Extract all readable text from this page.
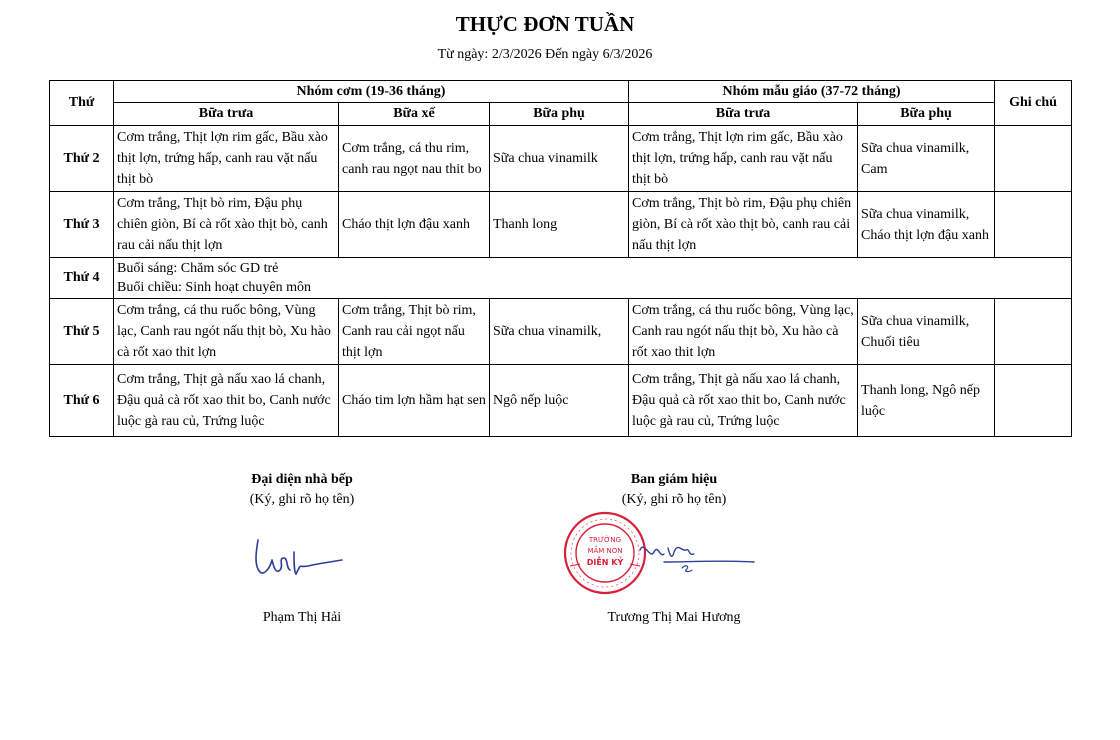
THỰC ĐƠN TUẦN
Từ ngày: 2/3/2026 Đến ngày 6/3/2026
Thứ	Nhóm cơm (19-36 tháng)			Nhóm mẫu giáo (37-72 tháng)		Ghi chú
	Bữa trưa	Bữa xế	Bữa phụ	Bữa trưa	Bữa phụ	
Thứ 2	Cơm trắng, Thịt lợn rim gấc, Bầu xào thịt lợn, trứng hấp, canh rau vặt nấu thịt bò	Cơm trắng, cá thu rim, canh rau ngọt nau thit bo	Sữa chua vinamilk	Cơm trắng, Thịt lợn rim gấc, Bầu xào thịt lợn, trứng hấp, canh rau vặt nấu thịt bò	Sữa chua vinamilk, Cam	

Thứ 3	Cơm trắng, Thịt bò rim, Đậu phụ chiên giòn, Bí cà rốt xào thịt bò, canh rau cải nấu thịt lợn	Cháo thịt lợn đậu xanh	Thanh long	Cơm trắng, Thịt bò rim, Đậu phụ chiên giòn, Bí cà rốt xào thịt bò, canh rau cải nấu thịt lợn	Sữa chua vinamilk, Cháo thịt lợn đậu xanh	

Thứ 4	Buổi sáng: Chăm sóc GD trẻ
Buổi chiều: Sinh hoạt chuyên môn					

Thứ 5	Cơm trắng, cá thu ruốc bông, Vùng lạc, Canh rau ngót nấu thịt bò, Xu hào cà rốt xao thit lợn	Cơm trắng, Thịt bò rim, Canh rau cải ngọt nấu thịt lợn	Sữa chua vinamilk,	Cơm trắng, cá thu ruốc bông, Vùng lạc, Canh rau ngót nấu thịt bò, Xu hào cà rốt xao thit lợn	Sữa chua vinamilk, Chuối tiêu	

Thứ 6	Cơm trắng, Thịt gà nấu xao lá chanh, Đậu quả cà rốt xao thit bo, Canh nước luộc gà rau củ, Trứng luộc	Cháo tim lợn hầm hạt sen	Ngô nếp luộc	Cơm trắng, Thịt gà nấu xao lá chanh, Đậu quả cà rốt xao thit bo, Canh nước luộc gà rau củ, Trứng luộc	Thanh long, Ngô nếp luộc	

Đại diện nhà bếp
(Ký, ghi rõ họ tên)
Phạm Thị Hải
Ban giám hiệu
(Ký, ghi rõ họ tên)
TRƯỜNG
MẦM NON
DIỄN KỶ
Trương Thị Mai Hương
